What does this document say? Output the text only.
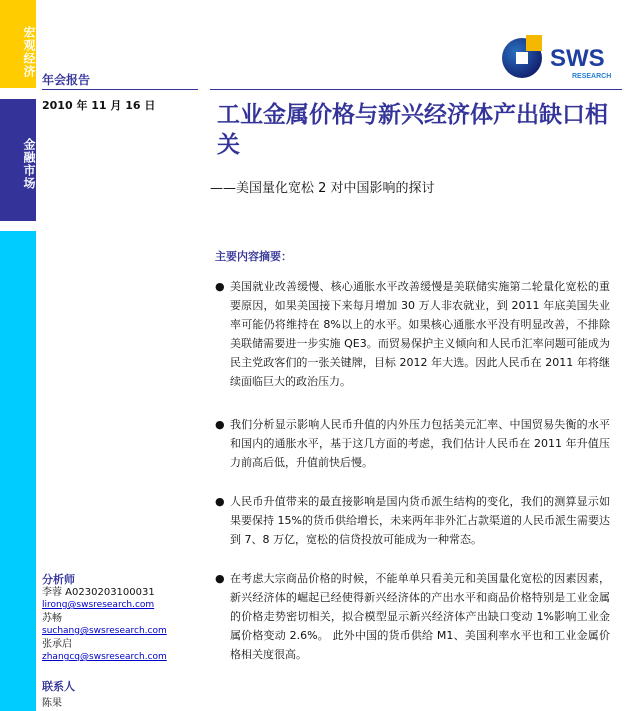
宏观经济
金融市场
年会报告
2010 年 11 月 16 日
SWS
RESEARCH
工业金属价格与新兴经济体产出缺口相关
——美国量化宽松 2 对中国影响的探讨
主要内容摘要：
● 美国就业改善缓慢、核心通胀水平改善缓慢是美联储实施第二轮量化宽松的重要原因，如果美国接下来每月增加 30 万人非农就业，到 2011 年底美国失业率可能仍将维持在 8%以上的水平。如果核心通胀水平没有明显改善，不排除美联储需要进一步实施 QE3。而贸易保护主义倾向和人民币汇率问题可能成为民主党政客们的一张关键牌，目标 2012 年大选。因此人民币在 2011 年将继续面临巨大的政治压力。
● 我们分析显示影响人民币升值的内外压力包括美元汇率、中国贸易失衡的水平和国内的通胀水平，基于这几方面的考虑，我们估计人民币在 2011 年升值压力前高后低，升值前快后慢。
● 人民币升值带来的最直接影响是国内货币派生结构的变化，我们的测算显示如果要保持 15%的货币供给增长，未来两年非外汇占款渠道的人民币派生需要达到 7、8 万亿，宽松的信贷投放可能成为一种常态。
● 在考虑大宗商品价格的时候，不能单单只看美元和美国量化宽松的因素因素，新兴经济体的崛起已经使得新兴经济体的产出水平和商品价格特别是工业金属的价格走势密切相关，拟合模型显示新兴经济体产出缺口变动 1%影响工业金属价格变动 2.6%。 此外中国的货币供给 M1、美国利率水平也和工业金属价格相关度很高。
分析师
李蓉 A0230203100031
lirong@swsresearch.com
苏畅
suchang@swsresearch.com
张承启
zhangcq@swsresearch.com
联系人
陈果
